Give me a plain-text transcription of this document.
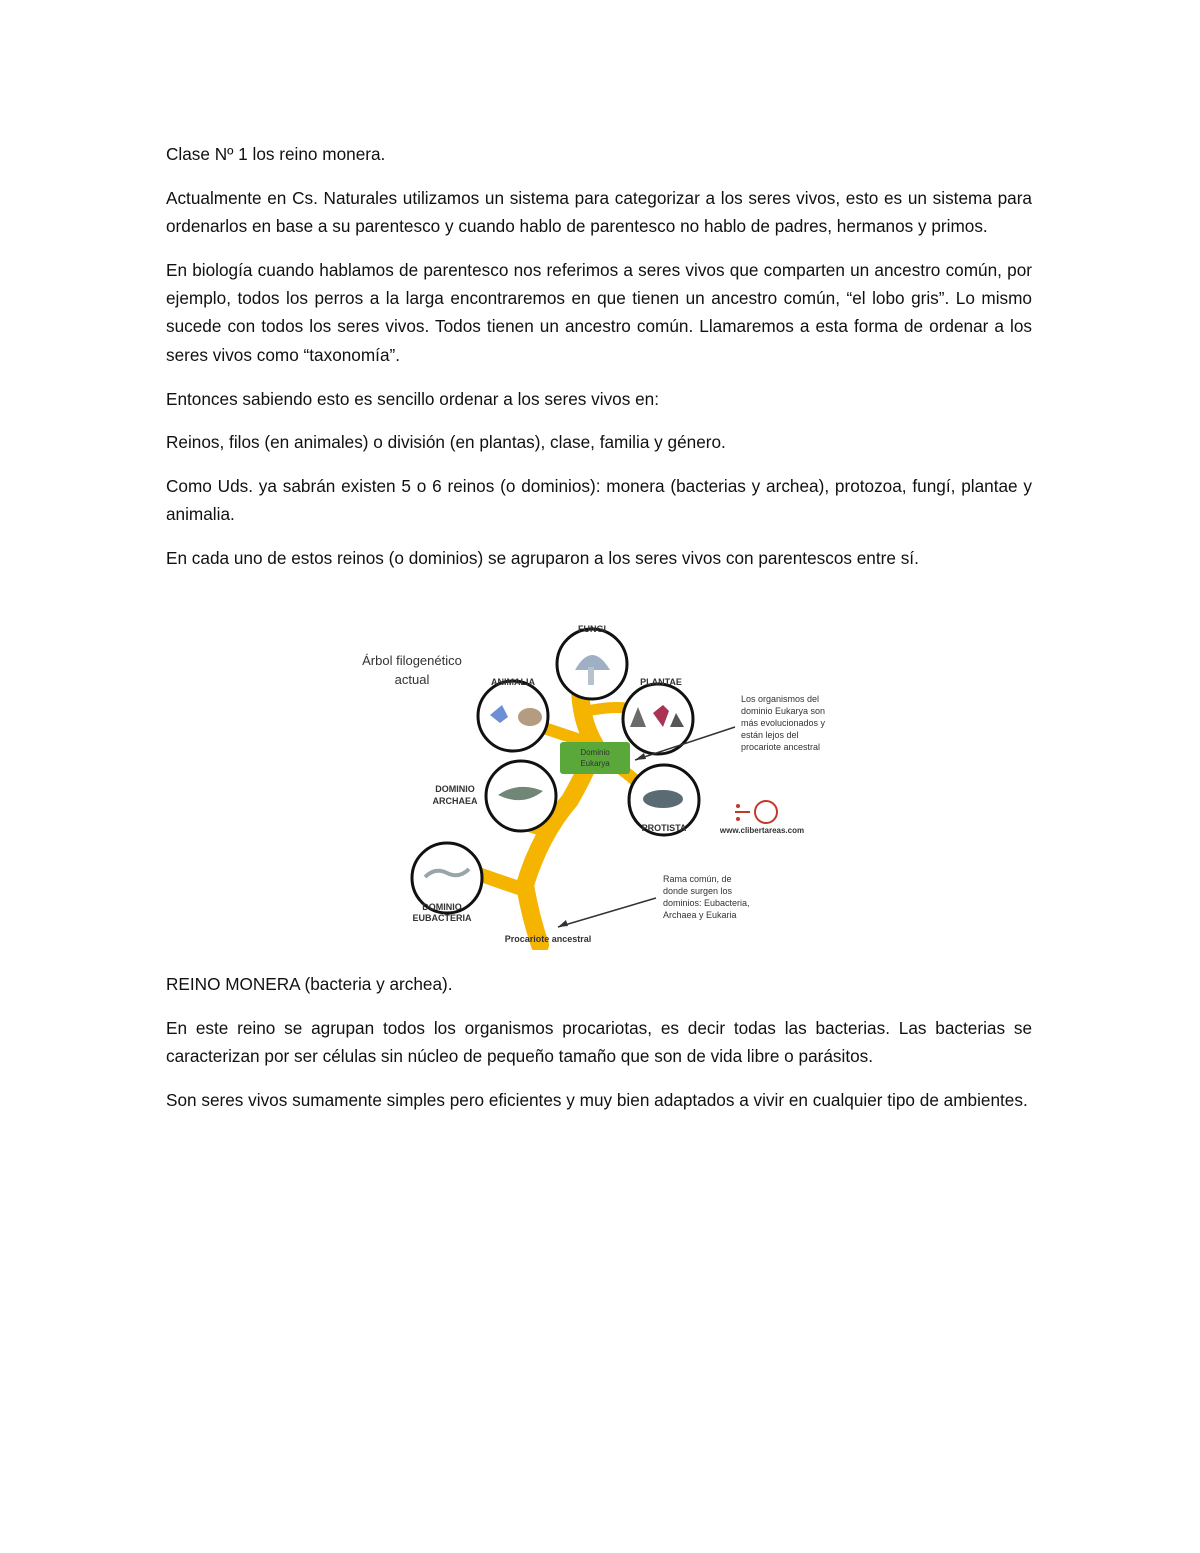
Clase Nº 1 los reino monera.

Actualmente en Cs. Naturales utilizamos un sistema para categorizar a los seres vivos, esto es un sistema para ordenarlos en base a su parentesco y cuando hablo de parentesco no hablo de padres, hermanos y primos.

En biología cuando hablamos de parentesco nos referimos a seres vivos que comparten un ancestro común, por ejemplo, todos los perros a la larga encontraremos en que tienen un ancestro común, “el lobo gris”. Lo mismo sucede con todos los seres vivos. Todos tienen un ancestro común. Llamaremos a esta forma de ordenar a los seres vivos como “taxonomía”.

Entonces sabiendo esto es sencillo ordenar a los seres vivos en:

Reinos, filos (en animales) o división (en plantas), clase, familia y género.

Como Uds. ya sabrán existen 5 o 6 reinos (o dominios): monera (bacterias y archea), protozoa, fungí, plantae y animalia.

En cada uno de estos reinos (o dominios) se agruparon a los seres vivos con parentescos entre sí.

Dominio
Eukarya
Árbol filogenético
actual
FUNGI
ANIMALIA	PLANTAE
DOMINIO
ARCHAEA
PROTISTA
DOMINIO
EUBACTERIA
Procariote ancestral
Los organismos del
dominio Eukarya son
más evolucionados y
están lejos del
procariote ancestral
Rama común, de
donde surgen los
dominios: Eubacteria,
Archaea y Eukaria
www.clibertareas.com

REINO MONERA (bacteria y archea).

En este reino se agrupan todos los organismos procariotas, es decir todas las bacterias. Las bacterias se caracterizan por ser células sin núcleo de pequeño tamaño que son de vida libre o parásitos.

Son seres vivos sumamente simples pero eficientes y muy bien adaptados a vivir en cualquier tipo de ambientes.
